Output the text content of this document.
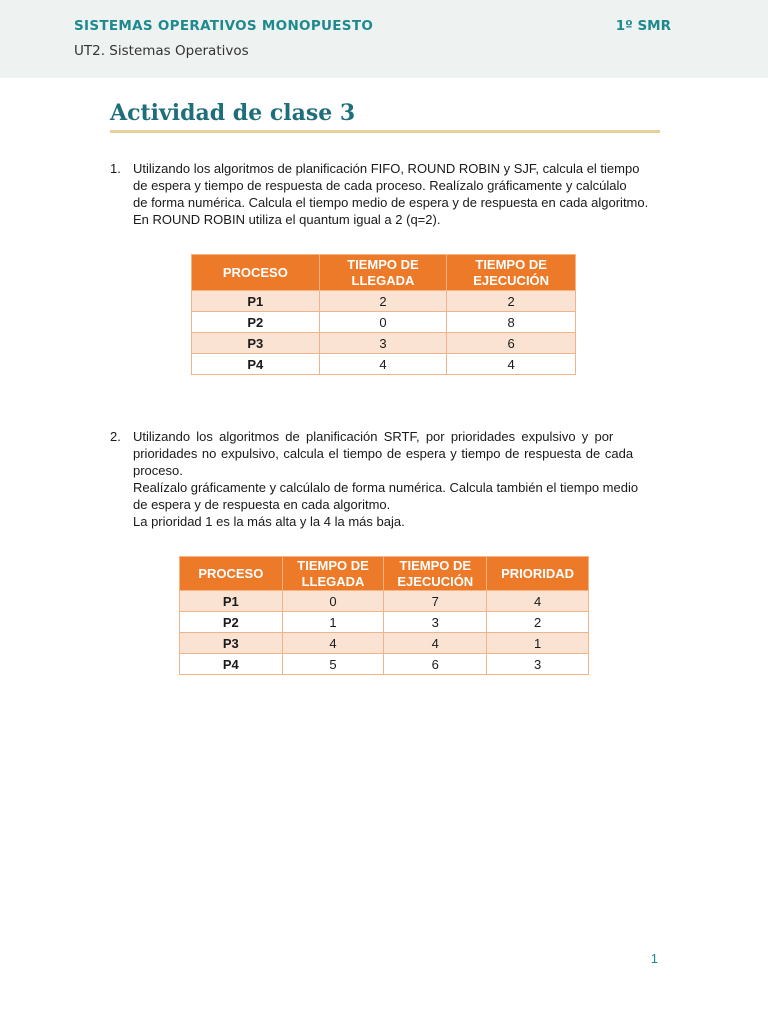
SISTEMAS OPERATIVOS MONOPUESTO	1º SMR
UT2. Sistemas Operativos
Actividad de clase 3
1. Utilizando los algoritmos de planificación FIFO, ROUND ROBIN y SJF, calcula el tiempo
de espera y tiempo de respuesta de cada proceso. Realízalo gráficamente y calcúlalo
de forma numérica. Calcula el tiempo medio de espera y de respuesta en cada algoritmo.
En ROUND ROBIN utiliza el quantum igual a 2 (q=2).
PROCESO	TIEMPO DE LLEGADA	TIEMPO DE EJECUCIÓN
P1	2	2
P2	0	8
P3	3	6
P4	4	4
2. Utilizando los algoritmos de planificación SRTF, por prioridades expulsivo y por
prioridades no expulsivo, calcula el tiempo de espera y tiempo de respuesta de cada
proceso.
Realízalo gráficamente y calcúlalo de forma numérica. Calcula también el tiempo medio
de espera y de respuesta en cada algoritmo.
La prioridad 1 es la más alta y la 4 la más baja.
PROCESO	TIEMPO DE LLEGADA	TIEMPO DE EJECUCIÓN	PRIORIDAD
P1	0	7	4
P2	1	3	2
P3	4	4	1
P4	5	6	3
1
